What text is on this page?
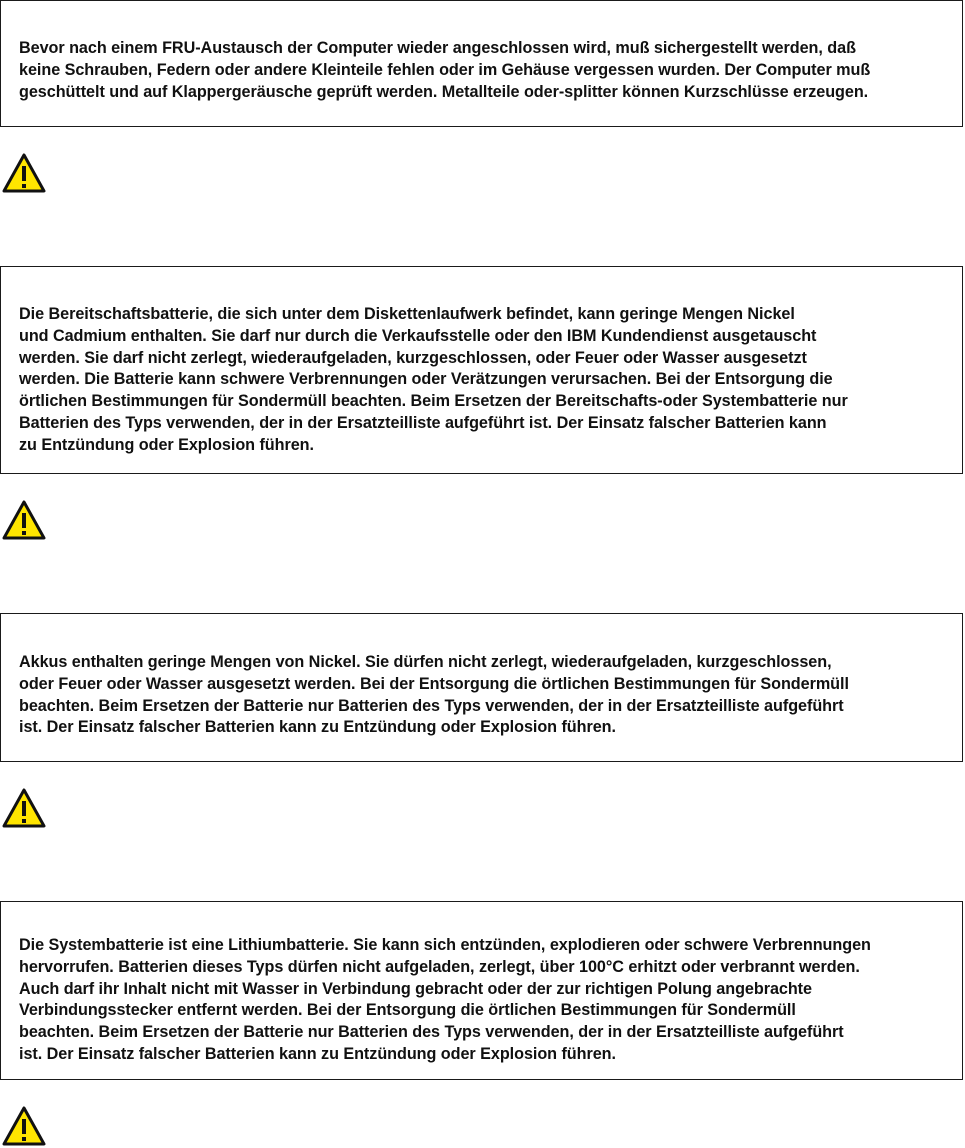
Bevor nach einem FRU-Austausch der Computer wieder angeschlossen wird, muß sichergestellt werden, daß
keine Schrauben, Federn oder andere Kleinteile fehlen oder im Gehäuse vergessen wurden. Der Computer muß
geschüttelt und auf Klappergeräusche geprüft werden. Metallteile oder-splitter können Kurzschlüsse erzeugen.

Die Bereitschaftsbatterie, die sich unter dem Diskettenlaufwerk befindet, kann geringe Mengen Nickel
und Cadmium enthalten. Sie darf nur durch die Verkaufsstelle oder den IBM Kundendienst ausgetauscht
werden. Sie darf nicht zerlegt, wiederaufgeladen, kurzgeschlossen, oder Feuer oder Wasser ausgesetzt
werden. Die Batterie kann schwere Verbrennungen oder Verätzungen verursachen. Bei der Entsorgung die
örtlichen Bestimmungen für Sondermüll beachten. Beim Ersetzen der Bereitschafts-oder Systembatterie nur
Batterien des Typs verwenden, der in der Ersatzteilliste aufgeführt ist. Der Einsatz falscher Batterien kann
zu Entzündung oder Explosion führen.

Akkus enthalten geringe Mengen von Nickel. Sie dürfen nicht zerlegt, wiederaufgeladen, kurzgeschlossen,
oder Feuer oder Wasser ausgesetzt werden. Bei der Entsorgung die örtlichen Bestimmungen für Sondermüll
beachten. Beim Ersetzen der Batterie nur Batterien des Typs verwenden, der in der Ersatzteilliste aufgeführt
ist. Der Einsatz falscher Batterien kann zu Entzündung oder Explosion führen.

Die Systembatterie ist eine Lithiumbatterie. Sie kann sich entzünden, explodieren oder schwere Verbrennungen
hervorrufen. Batterien dieses Typs dürfen nicht aufgeladen, zerlegt, über 100°C erhitzt oder verbrannt werden.
Auch darf ihr Inhalt nicht mit Wasser in Verbindung gebracht oder der zur richtigen Polung angebrachte
Verbindungsstecker entfernt werden. Bei der Entsorgung die örtlichen Bestimmungen für Sondermüll
beachten. Beim Ersetzen der Batterie nur Batterien des Typs verwenden, der in der Ersatzteilliste aufgeführt
ist. Der Einsatz falscher Batterien kann zu Entzündung oder Explosion führen.
